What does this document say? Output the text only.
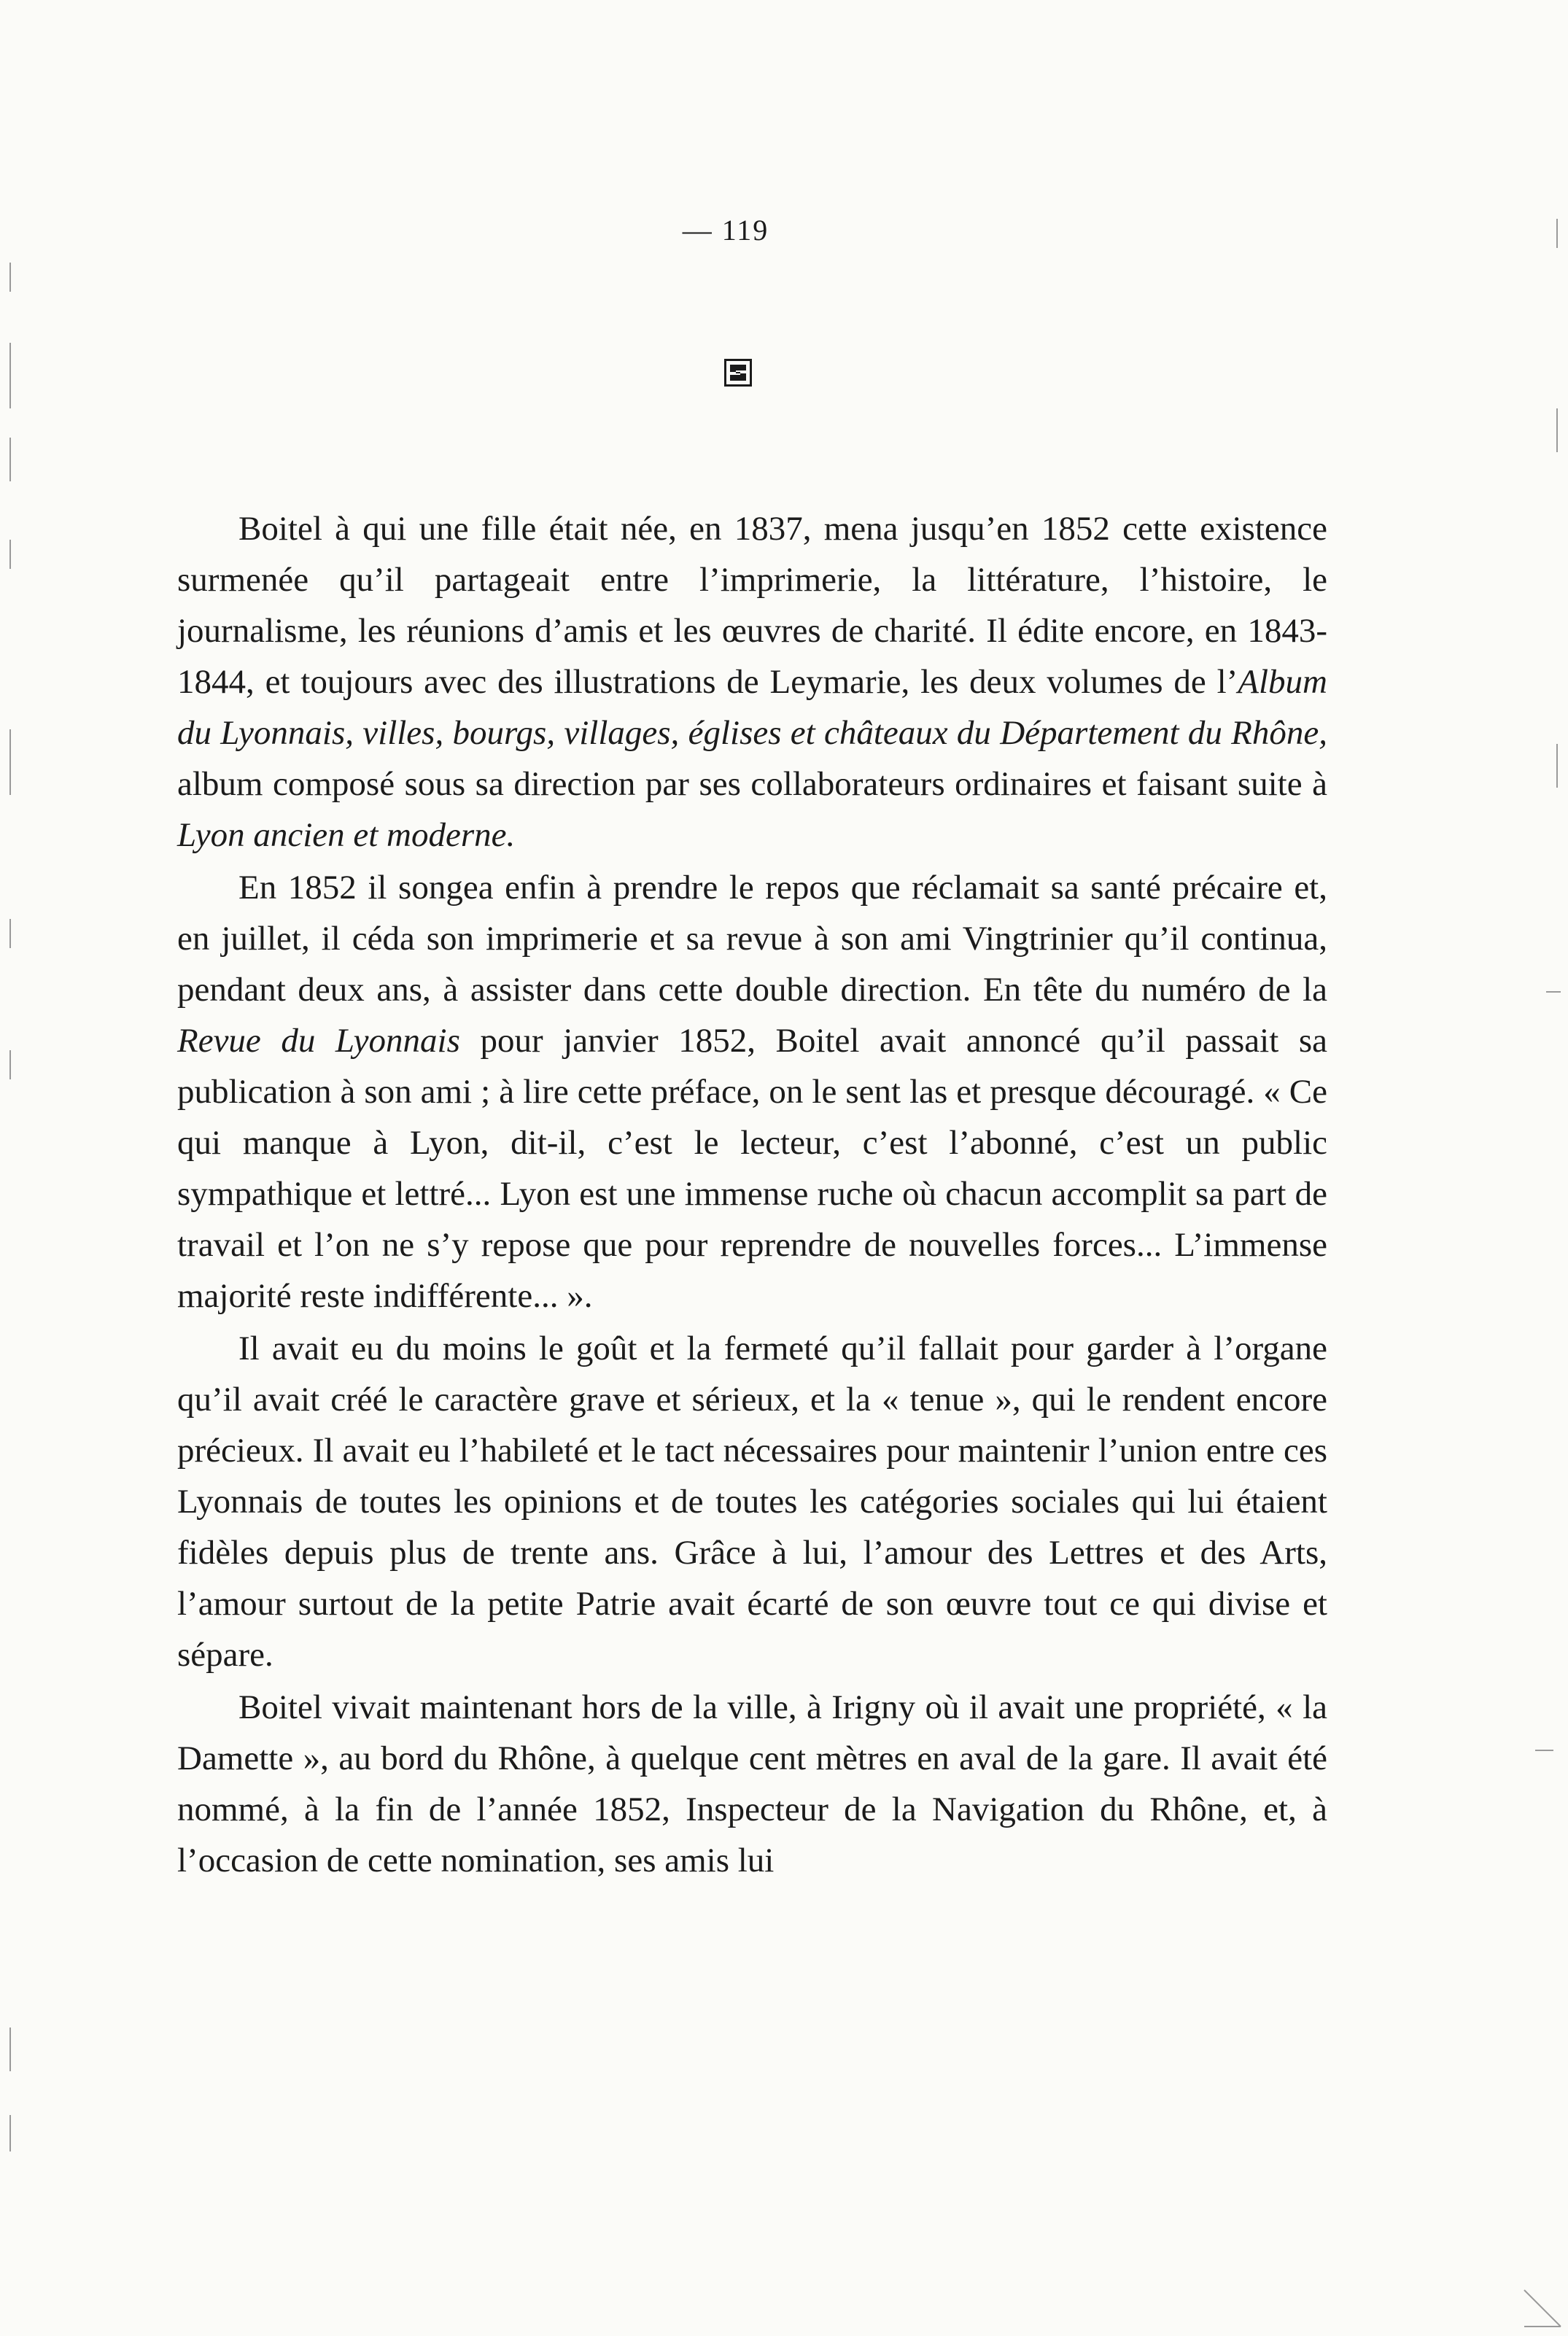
— 119

Boitel à qui une fille était née, en 1837, mena jusqu’en 1852 cette existence surmenée qu’il partageait entre l’imprimerie, la littérature, l’histoire, le journalisme, les réunions d’amis et les œuvres de charité. Il édite encore, en 1843-1844, et toujours avec des illustrations de Leymarie, les deux volumes de l’Album du Lyonnais, villes, bourgs, villages, églises et châteaux du Département du Rhône, album composé sous sa direction par ses collaborateurs ordinaires et faisant suite à Lyon ancien et moderne.

En 1852 il songea enfin à prendre le repos que réclamait sa santé précaire et, en juillet, il céda son imprimerie et sa revue à son ami Vingtrinier qu’il continua, pendant deux ans, à assister dans cette double direction. En tête du numéro de la Revue du Lyonnais pour janvier 1852, Boitel avait annoncé qu’il passait sa publication à son ami ; à lire cette préface, on le sent las et presque découragé. « Ce qui manque à Lyon, dit-il, c’est le lecteur, c’est l’abonné, c’est un public sympathique et lettré... Lyon est une immense ruche où chacun accomplit sa part de travail et l’on ne s’y repose que pour reprendre de nouvelles forces... L’immense majorité reste indifférente... ».

Il avait eu du moins le goût et la fermeté qu’il fallait pour garder à l’organe qu’il avait créé le caractère grave et sérieux, et la « tenue », qui le rendent encore précieux. Il avait eu l’habileté et le tact nécessaires pour maintenir l’union entre ces Lyonnais de toutes les opinions et de toutes les catégories sociales qui lui étaient fidèles depuis plus de trente ans. Grâce à lui, l’amour des Lettres et des Arts, l’amour surtout de la petite Patrie avait écarté de son œuvre tout ce qui divise et sépare.

Boitel vivait maintenant hors de la ville, à Irigny où il avait une propriété, « la Damette », au bord du Rhône, à quelque cent mètres en aval de la gare. Il avait été nommé, à la fin de l’année 1852, Inspecteur de la Navigation du Rhône, et, à l’occasion de cette nomination, ses amis lui
